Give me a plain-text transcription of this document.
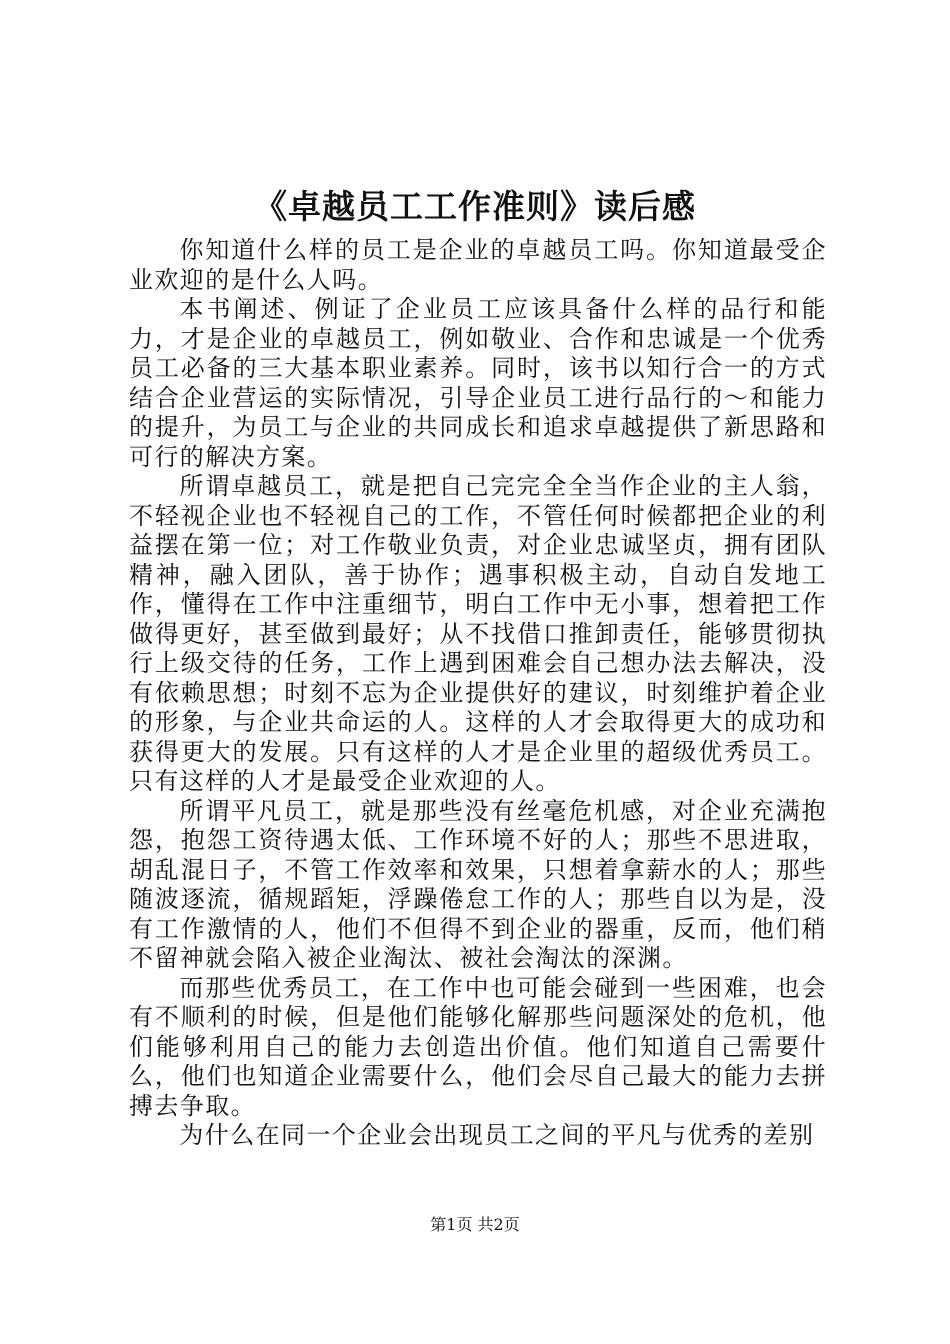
《卓越员工工作准则》读后感

你知道什么样的员工是企业的卓越员工吗。你知道最受企业欢迎的是什么人吗。

本书阐述、例证了企业员工应该具备什么样的品行和能力，才是企业的卓越员工，例如敬业、合作和忠诚是一个优秀员工必备的三大基本职业素养。同时，该书以知行合一的方式结合企业营运的实际情况，引导企业员工进行品行的～和能力的提升，为员工与企业的共同成长和追求卓越提供了新思路和可行的解决方案。

所谓卓越员工，就是把自己完完全全当作企业的主人翁，不轻视企业也不轻视自己的工作，不管任何时候都把企业的利益摆在第一位；对工作敬业负责，对企业忠诚坚贞，拥有团队精神，融入团队，善于协作；遇事积极主动，自动自发地工作，懂得在工作中注重细节，明白工作中无小事，想着把工作做得更好，甚至做到最好；从不找借口推卸责任，能够贯彻执行上级交待的任务，工作上遇到困难会自己想办法去解决，没有依赖思想；时刻不忘为企业提供好的建议，时刻维护着企业的形象，与企业共命运的人。这样的人才会取得更大的成功和获得更大的发展。只有这样的人才是企业里的超级优秀员工。只有这样的人才是最受企业欢迎的人。

所谓平凡员工，就是那些没有丝毫危机感，对企业充满抱怨，抱怨工资待遇太低、工作环境不好的人；那些不思进取，胡乱混日子，不管工作效率和效果，只想着拿薪水的人；那些随波逐流，循规蹈矩，浮躁倦怠工作的人；那些自以为是，没有工作激情的人，他们不但得不到企业的器重，反而，他们稍不留神就会陷入被企业淘汰、被社会淘汰的深渊。

而那些优秀员工，在工作中也可能会碰到一些困难，也会有不顺利的时候，但是他们能够化解那些问题深处的危机，他们能够利用自己的能力去创造出价值。他们知道自己需要什么，他们也知道企业需要什么，他们会尽自己最大的能力去拼搏去争取。

为什么在同一个企业会出现员工之间的平凡与优秀的差别

第1页 共2页
